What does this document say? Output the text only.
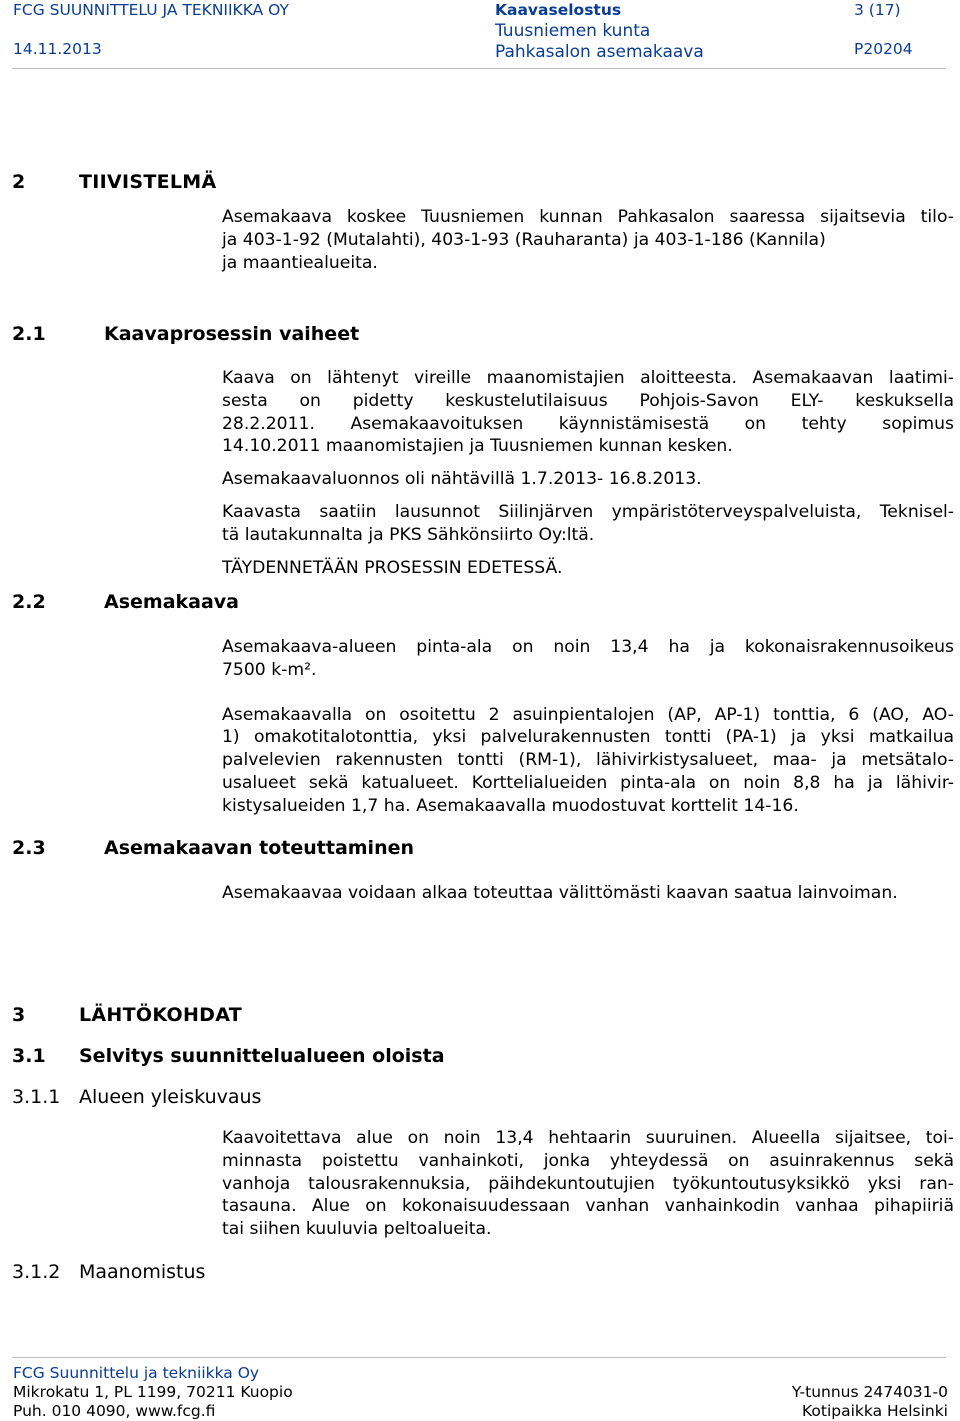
FCG SUUNNITTELU JA TEKNIIKKA OY
14.11.2013
Kaavaselostus
Tuusniemen kunta
Pahkasalon asemakaava
3 (17)
P20204
2	TIIVISTELMÄ

Asemakaava koskee Tuusniemen kunnan Pahkasalon saaressa sijaitsevia tilo-

ja 403-1-92 (Mutalahti), 403-1-93 (Rauharanta) ja 403-1-186 (Kannila)

ja maantiealueita.

2.1	Kaavaprosessin vaiheet

Kaava on lähtenyt vireille maanomistajien aloitteesta. Asemakaavan laatimi-

sesta on pidetty keskustelutilaisuus Pohjois-Savon ELY- keskuksella

28.2.2011. Asemakaavoituksen käynnistämisestä on tehty sopimus

14.10.2011 maanomistajien ja Tuusniemen kunnan kesken.

Asemakaavaluonnos oli nähtävillä 1.7.2013- 16.8.2013.

Kaavasta saatiin lausunnot Siilinjärven ympäristöterveyspalveluista, Teknisel-

tä lautakunnalta ja PKS Sähkönsiirto Oy:ltä.

TÄYDENNETÄÄN PROSESSIN EDETESSÄ.

2.2	Asemakaava

Asemakaava-alueen pinta-ala on noin 13,4 ha ja kokonaisrakennusoikeus

7500 k-m².

Asemakaavalla on osoitettu 2 asuinpientalojen (AP, AP-1) tonttia, 6 (AO, AO-

1) omakotitalotonttia, yksi palvelurakennusten tontti (PA-1) ja yksi matkailua

palvelevien rakennusten tontti (RM-1), lähivirkistysalueet, maa- ja metsätalo-

usalueet sekä katualueet. Korttelialueiden pinta-ala on noin 8,8 ha ja lähivir-

kistysalueiden 1,7 ha. Asemakaavalla muodostuvat korttelit 14-16.

2.3	Asemakaavan toteuttaminen

Asemakaavaa voidaan alkaa toteuttaa välittömästi kaavan saatua lainvoiman.

3	LÄHTÖKOHDAT
3.1 Selvitys suunnittelualueen oloista
3.1.1 Alueen yleiskuvaus

Kaavoitettava alue on noin 13,4 hehtaarin suuruinen. Alueella sijaitsee, toi-

minnasta poistettu vanhainkoti, jonka yhteydessä on asuinrakennus sekä

vanhoja talousrakennuksia, päihdekuntoutujien työkuntoutusyksikkö yksi ran-

tasauna. Alue on kokonaisuudessaan vanhan vanhainkodin vanhaa pihapiiriä

tai siihen kuuluvia peltoalueita.

3.1.2 Maanomistus
FCG Suunnittelu ja tekniikka Oy
Mikrokatu 1, PL 1199, 70211 Kuopio
Puh. 010 4090, www.fcg.fi
Y-tunnus 2474031-0
Kotipaikka Helsinki
